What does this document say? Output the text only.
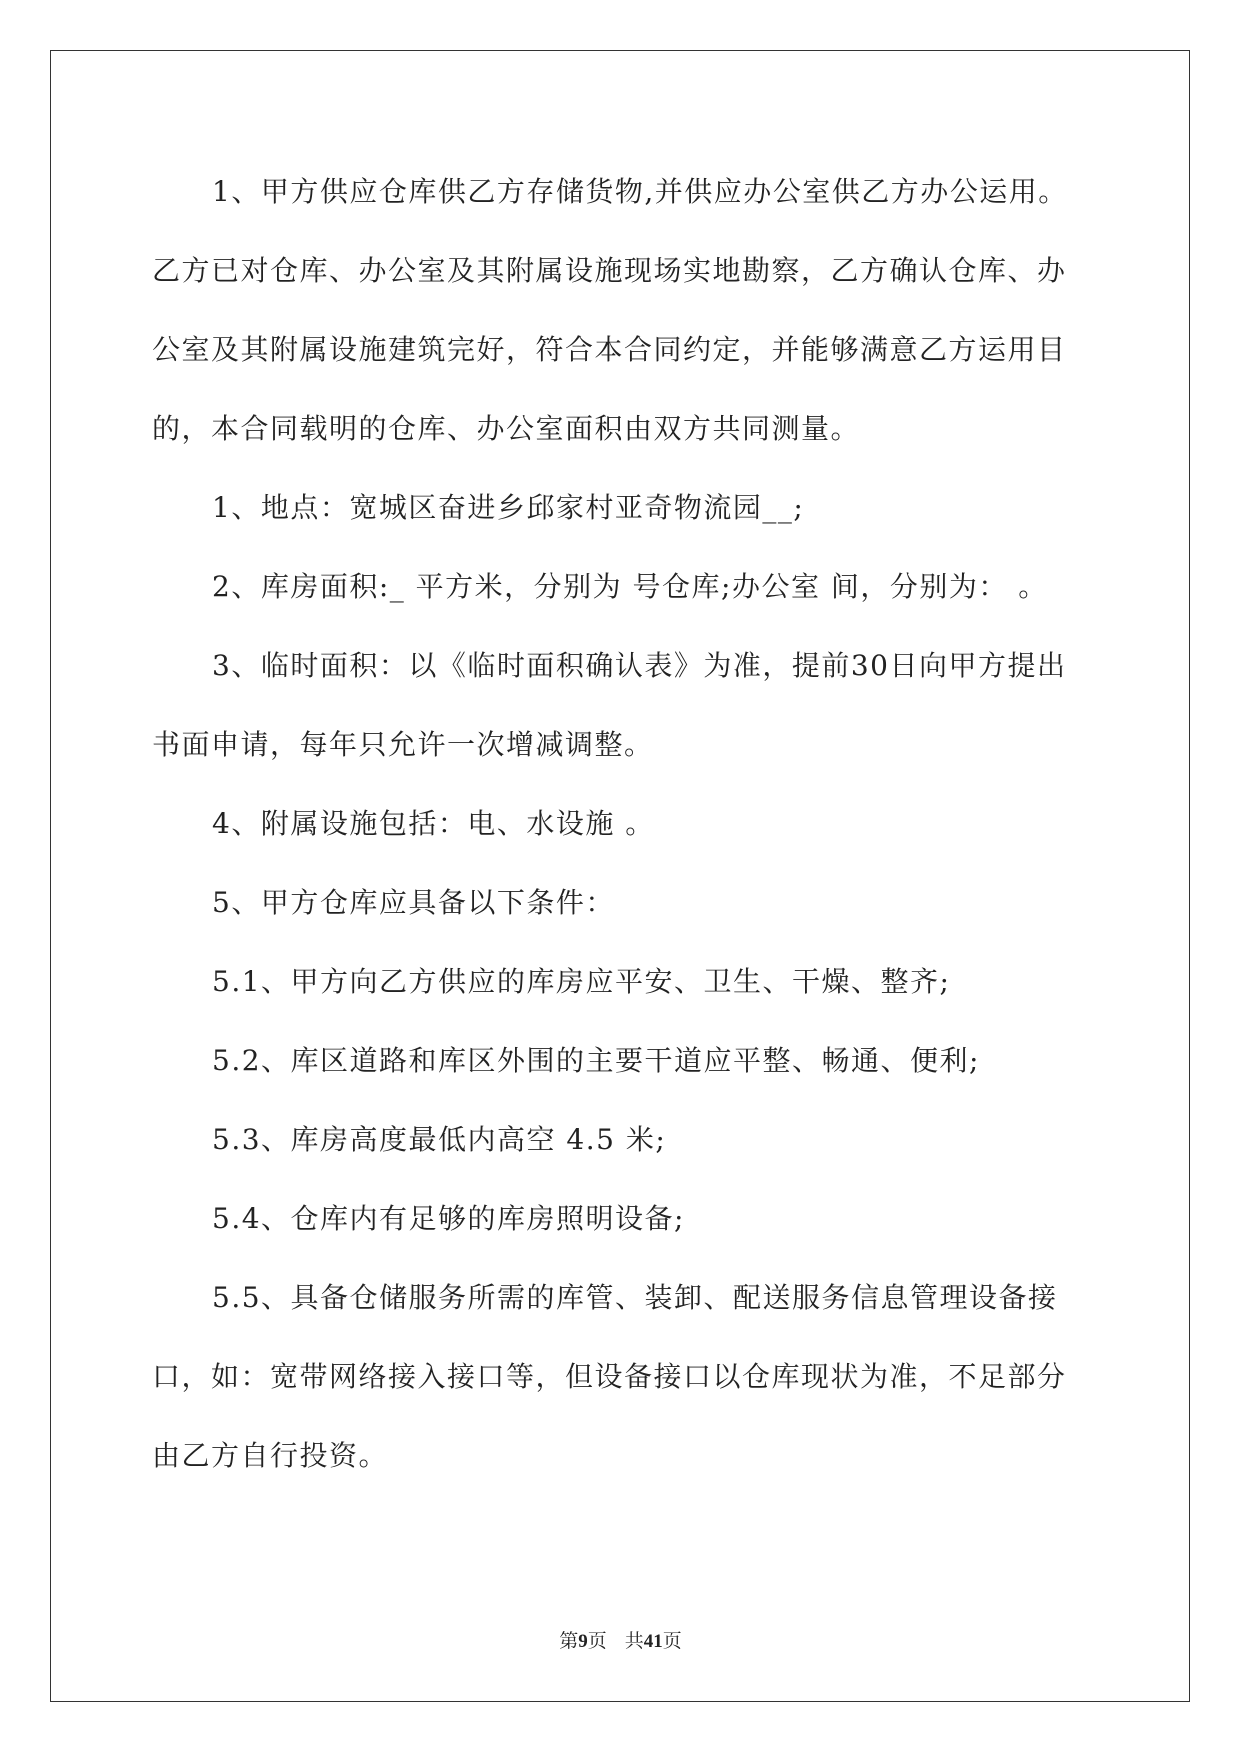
1、甲方供应仓库供乙方存储货物,并供应办公室供乙方办公运用。乙方已对仓库、办公室及其附属设施现场实地勘察，乙方确认仓库、办公室及其附属设施建筑完好，符合本合同约定，并能够满意乙方运用目的，本合同载明的仓库、办公室面积由双方共同测量。

1、地点：宽城区奋进乡邱家村亚奇物流园__;

2、库房面积:_ 平方米，分别为 号仓库;办公室 间，分别为： 。

3、临时面积：以《临时面积确认表》为准，提前30日向甲方提出书面申请，每年只允许一次增减调整。

4、附属设施包括：电、水设施 。

5、甲方仓库应具备以下条件：

5.1、甲方向乙方供应的库房应平安、卫生、干燥、整齐;

5.2、库区道路和库区外围的主要干道应平整、畅通、便利;

5.3、库房高度最低内高空 4.5 米;

5.4、仓库内有足够的库房照明设备;

5.5、具备仓储服务所需的库管、装卸、配送服务信息管理设备接口，如：宽带网络接入接口等，但设备接口以仓库现状为准，不足部分由乙方自行投资。

第9页 共41页
